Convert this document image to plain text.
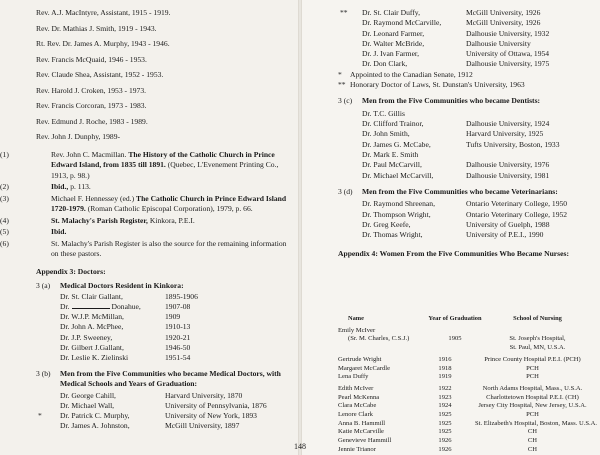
Rev. A.J. MacIntyre, Assistant, 1915 - 1919.
Rev. Dr. Mathias J. Smith, 1919 - 1943.
Rt. Rev. Dr. James A. Murphy, 1943 - 1946.
Rev. Francis McQuaid, 1946 - 1953.
Rev. Claude Shea, Assistant, 1952 - 1953.
Rev. Harold J. Croken, 1953 - 1973.
Rev. Francis Corcoran, 1973 - 1983.
Rev. Edmund J. Roche, 1983 - 1989.
Rev. John J. Dunphy, 1989-
(1)	Rev. John C. Macmillan. The History of the Catholic Church in Prince Edward Island, from 1835 till 1891. (Quebec, L'Evenement Printing Co., 1913, p. 98.)
(2)	Ibid., p. 113.
(3)	Michael F. Hennessey (ed.) The Catholic Church in Prince Edward Island 1720-1979. (Roman Catholic Episcopal Corporation), 1979, p. 66.
(4)	St. Malachy's Parish Register, Kinkora, P.E.I.
(5)	Ibid.
(6)	St. Malachy's Parish Register is also the source for the remaining information on these pastors.
Appendix 3: Doctors:
3 (a)	Medical Doctors Resident in Kinkora:
Dr. St. Clair Gallant,	1895-1906
Dr.	Donahue,	1907-08
Dr. W.J.P. McMillan,	1909
Dr. John A. McPhee,	1910-13
Dr. J.P. Sweeney,	1920-21
Dr. Gilbert J.Gallant,	1946-50
Dr. Leslie K. Zielinski	1951-54
3 (b)	Men from the Five Communities who became Medical Doctors, with Medical Schools and Years of Graduation:
Dr. George Cahill,	Harvard University, 1870
Dr. Michael Wall,	University of Pennsylvania, 1876
*	Dr. Patrick C. Murphy,	University of New York, 1893
Dr. James A. Johnston,	McGill University, 1897
**	Dr. St. Clair Duffy,	McGill University, 1926
Dr. Raymond McCarville,	McGill University, 1926
Dr. Leonard Farmer,	Dalhousie University, 1932
Dr. Walter McBride,	Dalhousie University
Dr. J. Ivan Farmer,	University of Ottawa, 1954
Dr. Don Clark,	Dalhousie University, 1975
*	Appointed to the Canadian Senate, 1912
** Honorary Doctor of Laws, St. Dunstan's University, 1963
3 (c)	Men from the Five Communities who became Dentists:
Dr. T.C. Gillis
Dr. Clifford Trainor,	Dalhousie University, 1924
Dr. John Smith,	Harvard University, 1925
Dr. James G. McCabe,	Tufts University, Boston, 1933
Dr. Mark E. Smith
Dr. Paul McCarvill,	Dalhousie University, 1976
Dr. Michael McCarvill,	Dalhousie University, 1981
3 (d)	Men from the Five Communities who became Veterinarians:
Dr. Raymond Shreenan,	Ontario Veterinary College, 1950
Dr. Thompson Wright,	Ontario Veterinary College, 1952
Dr. Greg Keefe,	University of Guelph, 1988
Dr. Thomas Wright,	University of P.E.I., 1990
Appendix 4: Women From the Five Communities Who Became Nurses:
Name	Year of Graduation	School of Nursing
Emily McIver
(Sr. M. Charles, C.S.J.)	1905	St. Joseph's Hospital,
St. Paul, MN, U.S.A.
Gertrude Wright	1916	Prince County Hospital P.E.I. (PCH)
Margaret McCardle	1918	PCH
Lena Duffy	1919	PCH
Edith McIver	1922	North Adams Hospital, Mass., U.S.A.
Pearl McKenna	1923	Charlottetown Hospital P.E.I. (CH)
Clara McCabe	1924	Jersey City Hospital, New Jersey, U.S.A.
Lenore Clark	1925	PCH
Anna B. Hammill	1925	St. Elizabeth's Hospital, Boston, Mass. U.S.A.
Katie McCarville	1925	CH
Genevieve Hammill	1926	CH
Jennie Trianor	1926	CH
148
